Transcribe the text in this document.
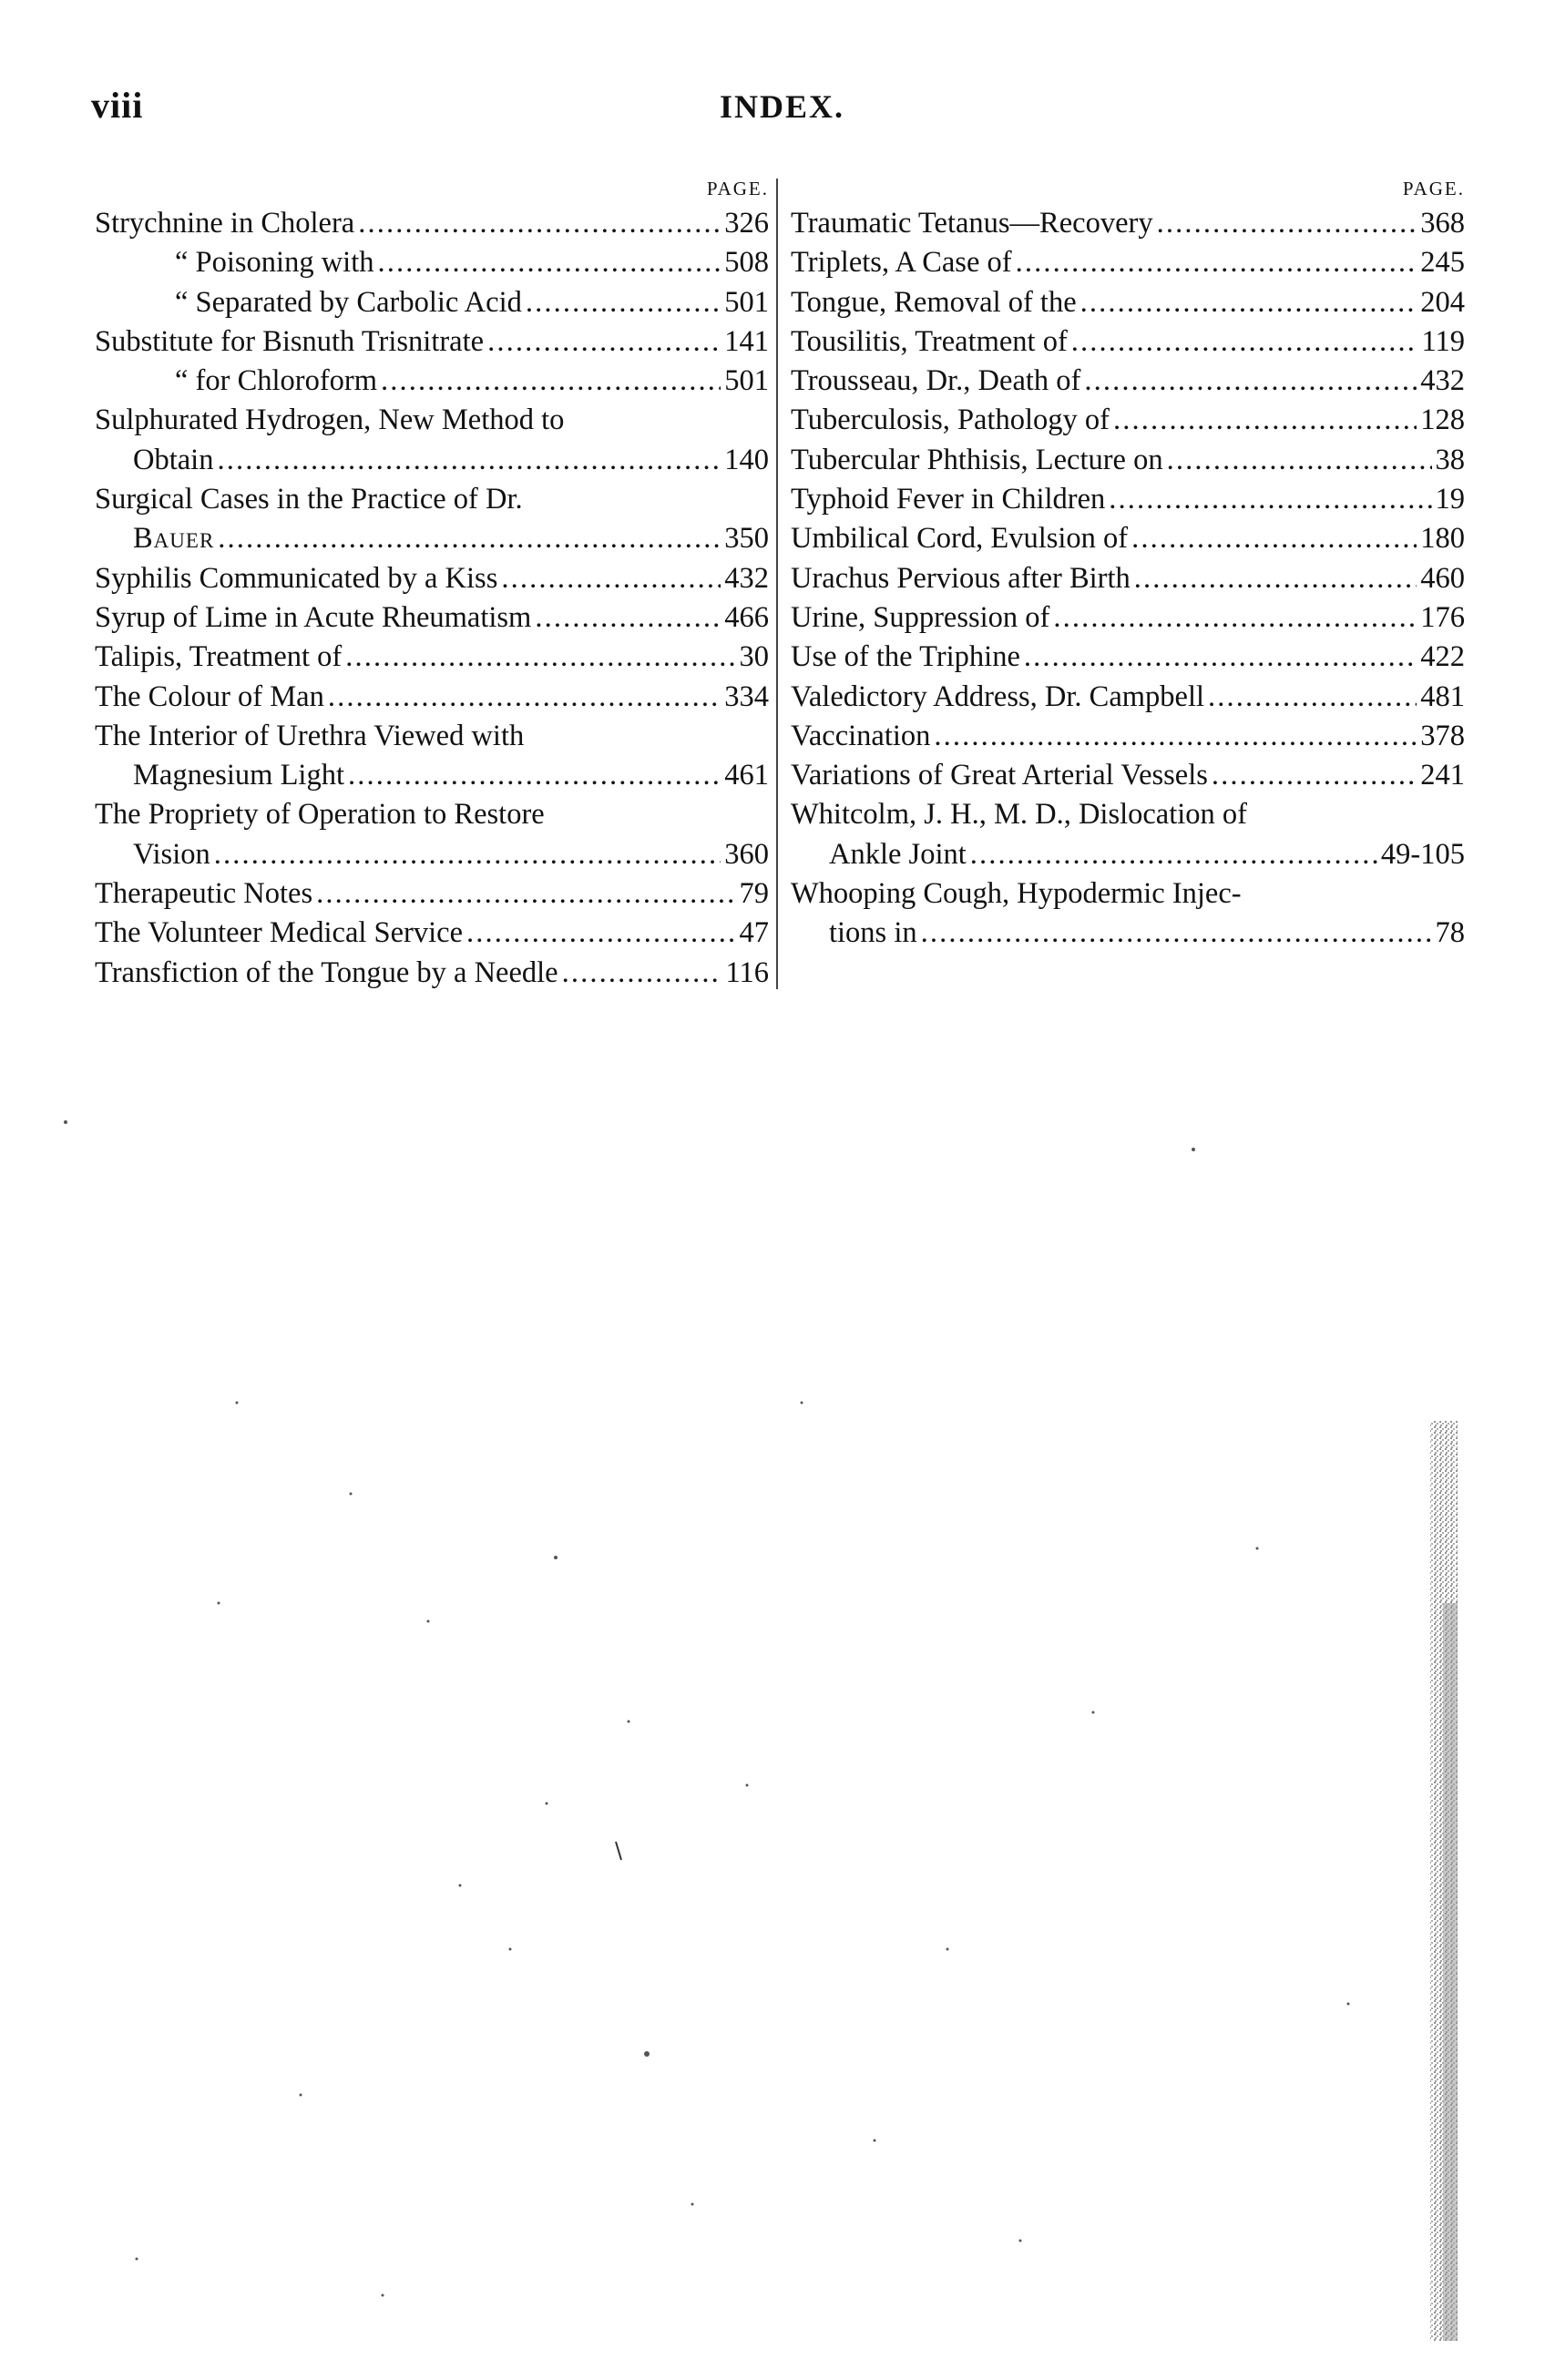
viii	INDEX.
PAGE.
Strychnine in Cholera . . .	326
“ Poisoning with . . .	508
“ Separated by Carbolic Acid . . .	501
Substitute for Bisnuth Trisnitrate . . .	141
“ for Chloroform . . .	501
Sulphurated Hydrogen, New Method to
Obtain . . .	140
Surgical Cases in the Practice of Dr.
Bauer . . .	350
Syphilis Communicated by a Kiss . . .	432
Syrup of Lime in Acute Rheumatism . . .	466
Talipis, Treatment of . . .	30
The Colour of Man . . .	334
The Interior of Urethra Viewed with
Magnesium Light . . .	461
The Propriety of Operation to Restore
Vision . . .	360
Therapeutic Notes . . .	79
The Volunteer Medical Service . . .	47
Transfiction of the Tongue by a Needle . . .	116
PAGE.
Traumatic Tetanus—Recovery . . .	368
Triplets, A Case of . . .	245
Tongue, Removal of the . . .	204
Tousilitis, Treatment of . . .	119
Trousseau, Dr., Death of . . .	432
Tuberculosis, Pathology of . . .	128
Tubercular Phthisis, Lecture on . . .	38
Typhoid Fever in Children . . .	19
Umbilical Cord, Evulsion of . . .	180
Urachus Pervious after Birth . . .	460
Urine, Suppression of . . .	176
Use of the Triphine . . .	422
Valedictory Address, Dr. Campbell . . .	481
Vaccination . . .	378
Variations of Great Arterial Vessels . . .	241
Whitcolm, J. H., M. D., Dislocation of
Ankle Joint . . .	49-105
Whooping Cough, Hypodermic Injec-
tions in . . .	78
